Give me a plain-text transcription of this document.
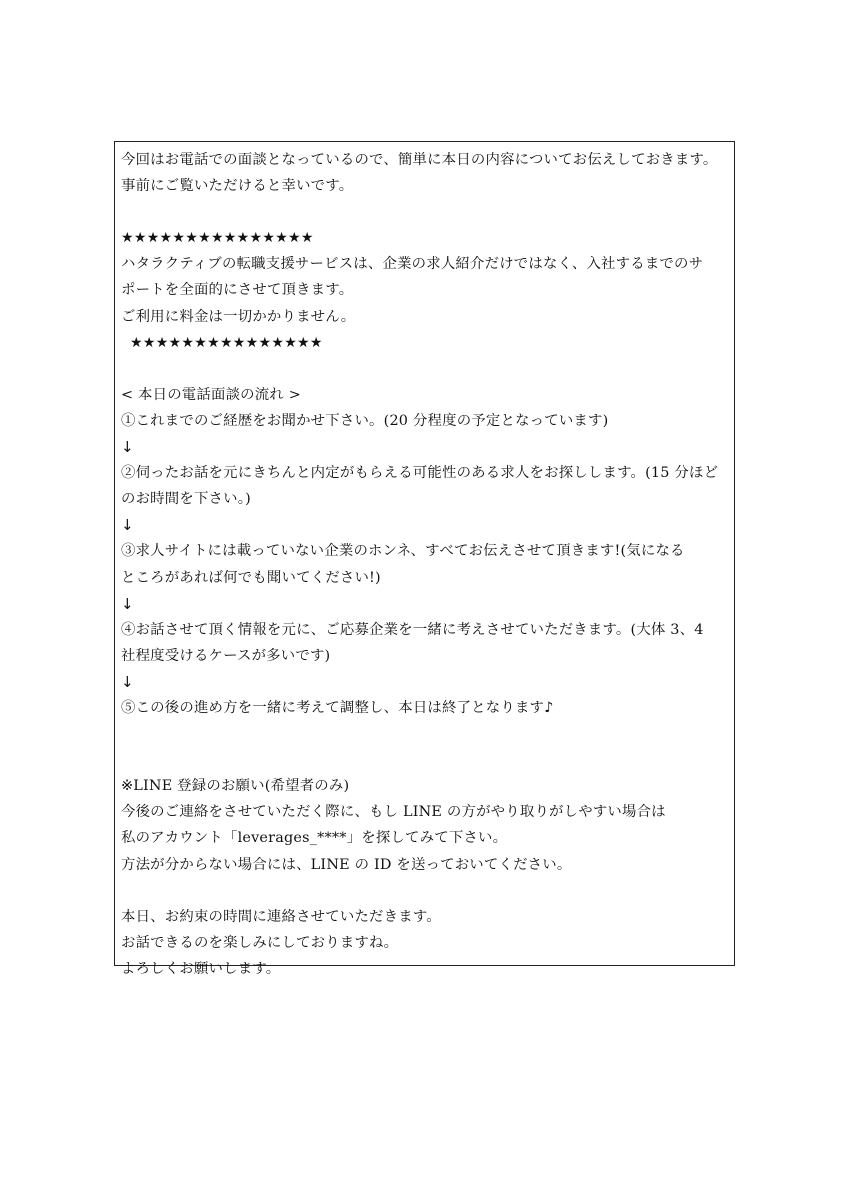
今回はお電話での面談となっているので、簡単に本日の内容についてお伝えしておきます。
事前にご覧いただけると幸いです。
★★★★★★★★★★★★★★★
ハタラクティブの転職支援サービスは、企業の求人紹介だけではなく、入社するまでのサ
ポートを全面的にさせて頂きます。
ご利用に料金は一切かかりません。
★★★★★★★★★★★★★★★
< 本日の電話面談の流れ >
①これまでのご経歴をお聞かせ下さい。(20 分程度の予定となっています)
↓
②伺ったお話を元にきちんと内定がもらえる可能性のある求人をお探しします。(15 分ほど
のお時間を下さい。)
↓
③求人サイトには載っていない企業のホンネ、すべてお伝えさせて頂きます!(気になる
ところがあれば何でも聞いてください!)
↓
④お話させて頂く情報を元に、ご応募企業を一緒に考えさせていただきます。(大体 3、4
社程度受けるケースが多いです)
↓
⑤この後の進め方を一緒に考えて調整し、本日は終了となります♪
※LINE 登録のお願い(希望者のみ)
今後のご連絡をさせていただく際に、もし LINE の方がやり取りがしやすい場合は
私のアカウント「leverages_****」を探してみて下さい。
方法が分からない場合には、LINE の ID を送っておいてください。
本日、お約束の時間に連絡させていただきます。
お話できるのを楽しみにしておりますね。
よろしくお願いします。
